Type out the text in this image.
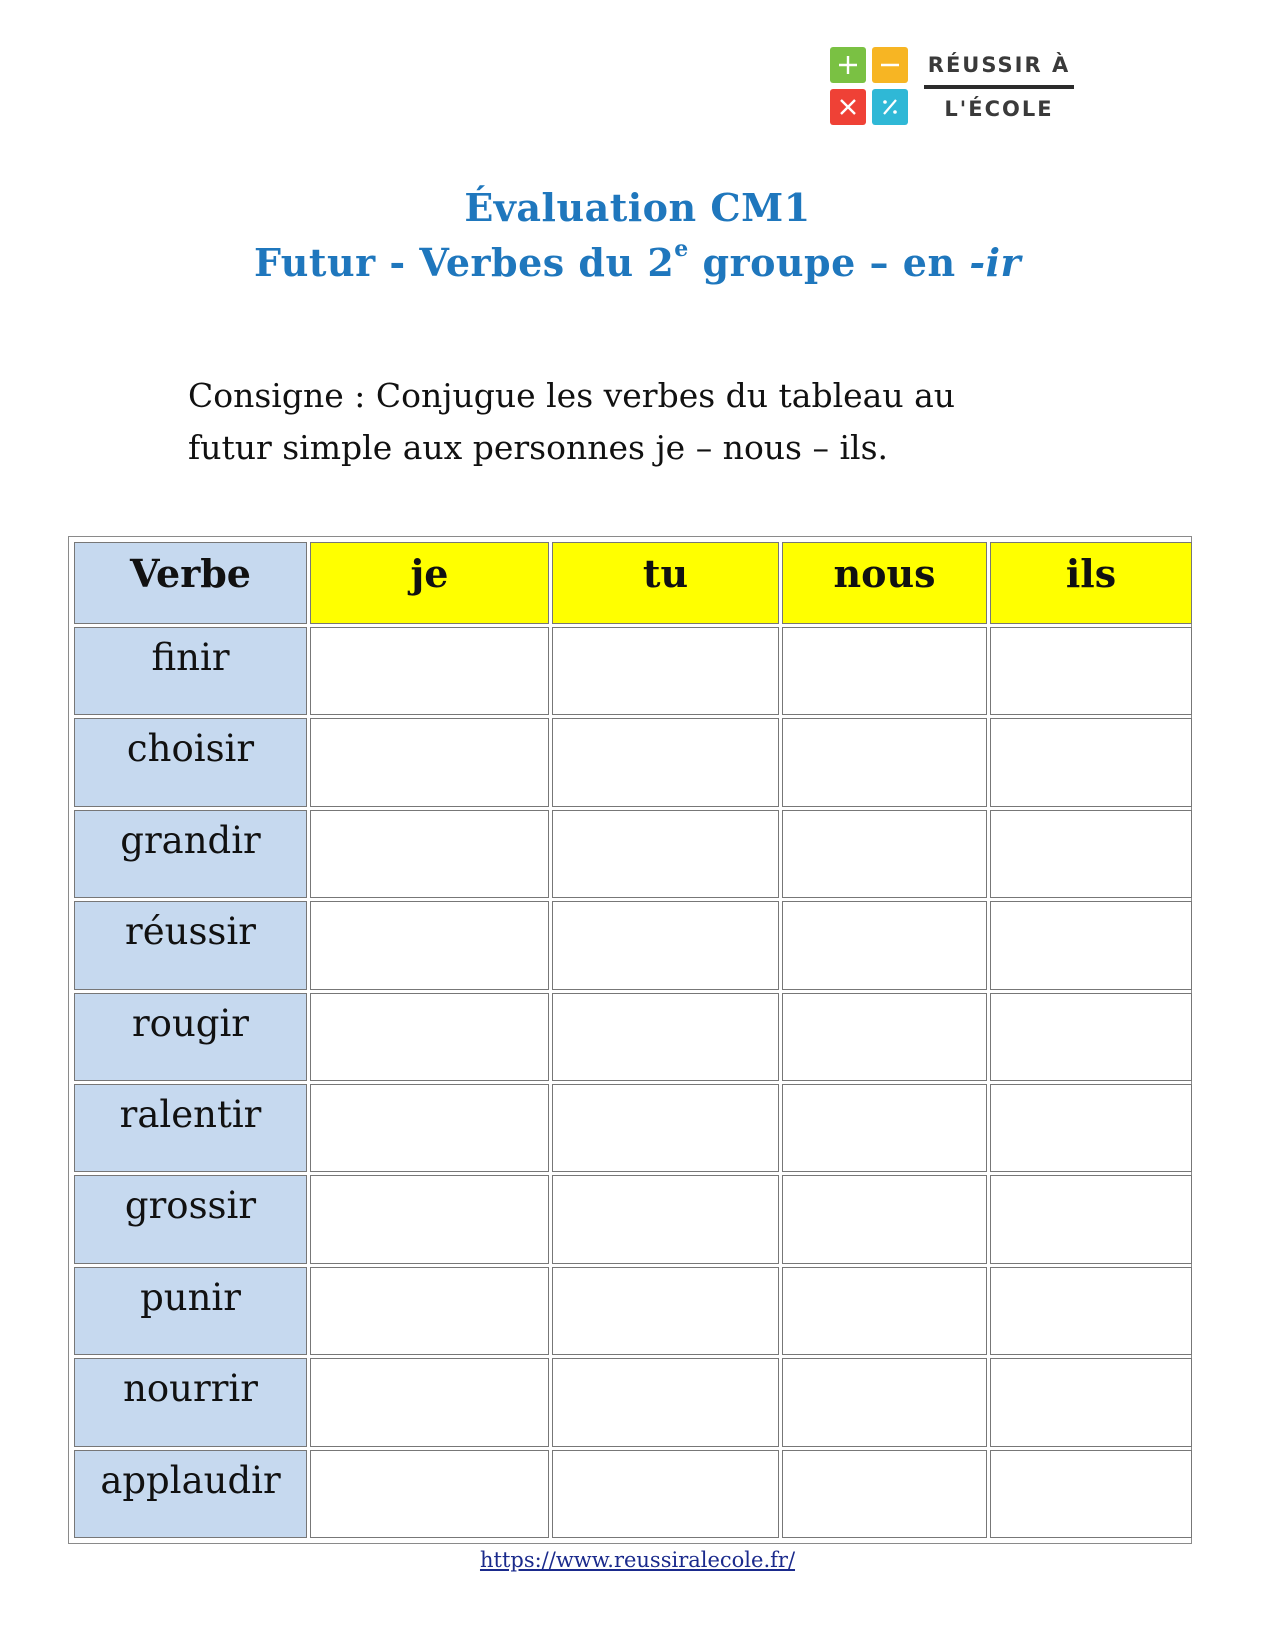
RÉUSSIR À
L'ÉCOLE
Évaluation CM1
Futur - Verbes du 2e groupe – en -ir
Consigne : Conjugue les verbes du tableau au futur simple aux personnes je – nous – ils.
Verbe	je	tu	nous	ils
finir				
choisir				
grandir				
réussir				
rougir				
ralentir				
grossir				
punir				
nourrir				
applaudir				
https://www.reussiralecole.fr/
